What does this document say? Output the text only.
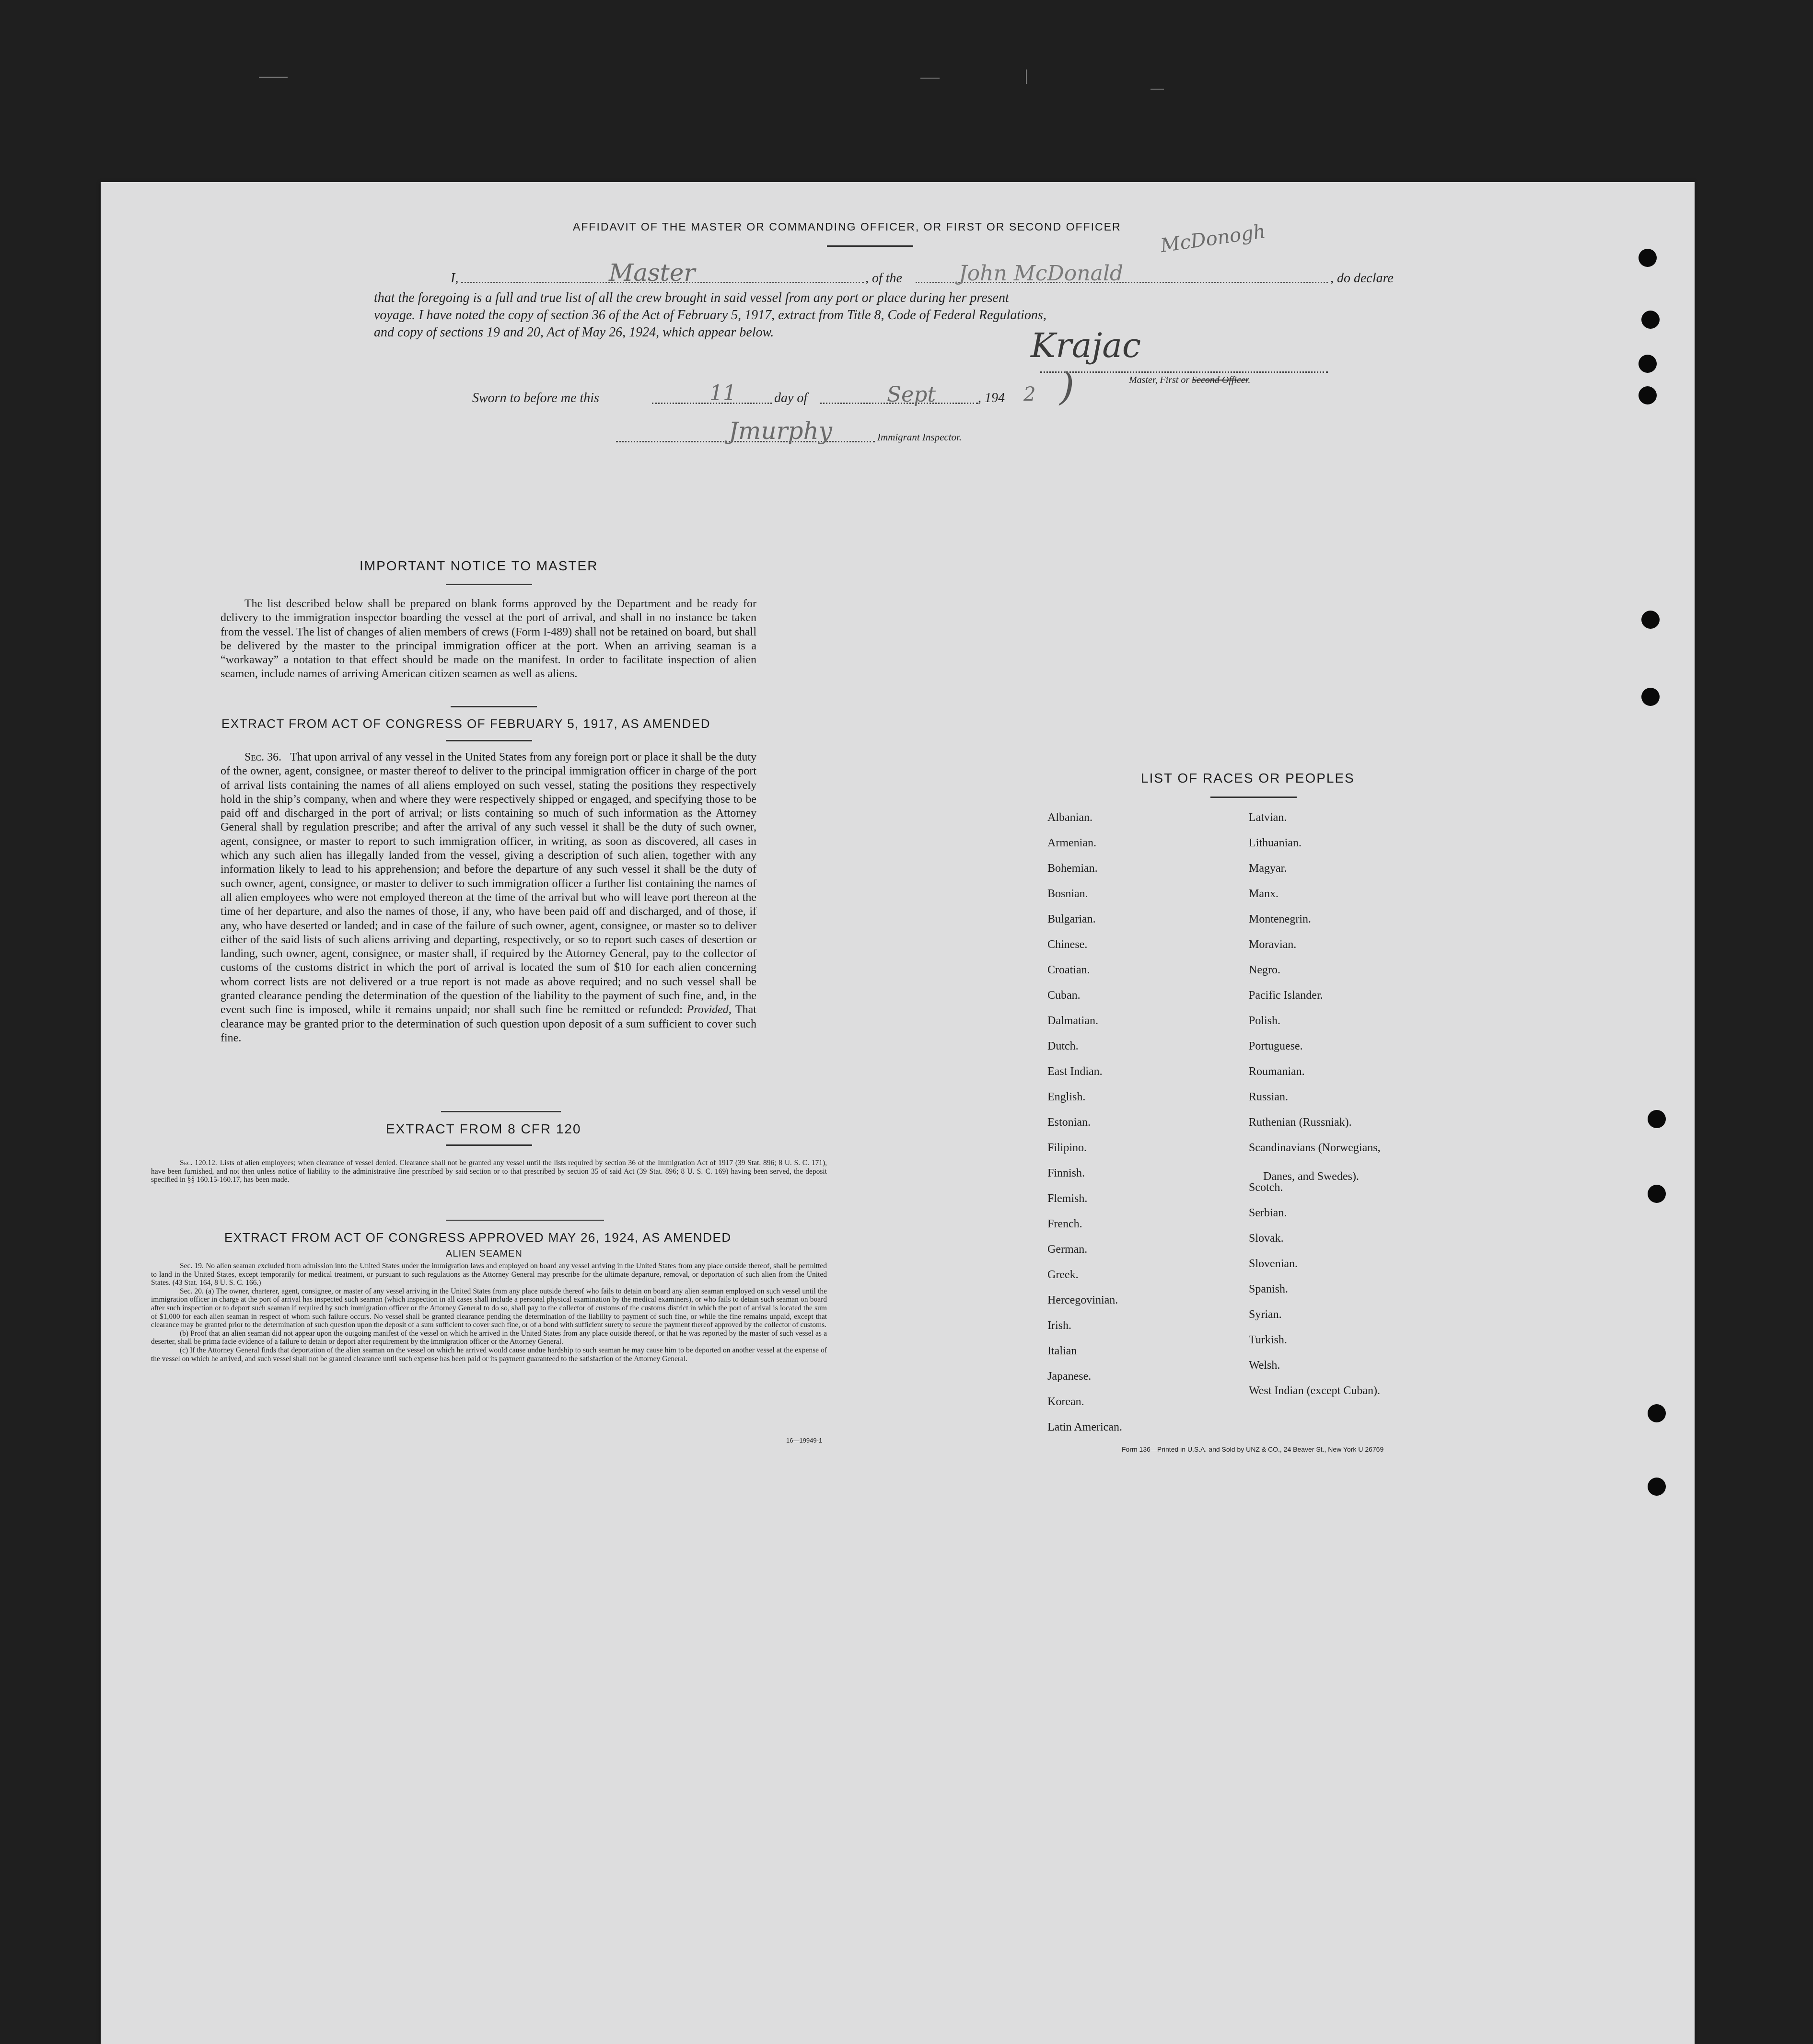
AFFIDAVIT OF THE MASTER OR COMMANDING OFFICER, OR FIRST OR SECOND OFFICER
I,	Master	, of the	John McDonald
McDonogh
, do declare
that the foregoing is a full and true list of all the crew brought in said vessel from any port or place during her present
voyage. I have noted the copy of section 36 of the Act of February 5, 1917, extract from Title 8, Code of Federal Regulations,
and copy of sections 19 and 20, Act of May 26, 1924, which appear below.	Krajac
Master, First or Second Officer.
Sworn to before me this	11	day of	Sept	, 194 2 )
Jmurphy	Immigrant Inspector.
IMPORTANT NOTICE TO MASTER
The list described below shall be prepared on blank forms approved by the Department and be ready for delivery to the immigration inspector boarding the vessel at the port of arrival, and shall in no instance be taken from the vessel. The list of changes of alien members of crews (Form I-489) shall not be retained on board, but shall be delivered by the master to the principal immigration officer at the port. When an arriving seaman is a “workaway” a notation to that effect should be made on the manifest. In order to facilitate inspection of alien seamen, include names of arriving American citizen seamen as well as aliens.
EXTRACT FROM ACT OF CONGRESS OF FEBRUARY 5, 1917, AS AMENDED
Sec. 36. That upon arrival of any vessel in the United States from any foreign port or place it shall be the duty of the owner, agent, consignee, or master thereof to deliver to the principal immigration officer in charge of the port of arrival lists containing the names of all aliens employed on such vessel, stating the positions they respectively hold in the ship’s company, when and where they were respectively shipped or engaged, and specifying those to be paid off and discharged in the port of arrival; or lists containing so much of such information as the Attorney General shall by regulation prescribe; and after the arrival of any such vessel it shall be the duty of such owner, agent, consignee, or master to report to such immigration officer, in writing, as soon as discovered, all cases in which any such alien has illegally landed from the vessel, giving a description of such alien, together with any information likely to lead to his apprehension; and before the departure of any such vessel it shall be the duty of such owner, agent, consignee, or master to deliver to such immigration officer a further list containing the names of all alien employees who were not employed thereon at the time of the arrival but who will leave port thereon at the time of her departure, and also the names of those, if any, who have been paid off and discharged, and of those, if any, who have deserted or landed; and in case of the failure of such owner, agent, consignee, or master so to deliver either of the said lists of such aliens arriving and departing, respectively, or so to report such cases of desertion or landing, such owner, agent, consignee, or master shall, if required by the Attorney General, pay to the collector of customs of the customs district in which the port of arrival is located the sum of $10 for each alien concerning whom correct lists are not delivered or a true report is not made as above required; and no such vessel shall be granted clearance pending the determination of the question of the liability to the payment of such fine, and, in the event such fine is imposed, while it remains unpaid; nor shall such fine be remitted or refunded: Provided, That clearance may be granted prior to the determination of such question upon deposit of a sum sufficient to cover such fine.
EXTRACT FROM 8 CFR 120
Sec. 120.12. Lists of alien employees; when clearance of vessel denied. Clearance shall not be granted any vessel until the lists required by section 36 of the Immigration Act of 1917 (39 Stat. 896; 8 U. S. C. 171), have been furnished, and not then unless notice of liability to the administrative fine prescribed by said section or to that prescribed by section 35 of said Act (39 Stat. 896; 8 U. S. C. 169) having been served, the deposit specified in §§ 160.15-160.17, has been made.
EXTRACT FROM ACT OF CONGRESS APPROVED MAY 26, 1924, AS AMENDED
ALIEN SEAMEN
Sec. 19. No alien seaman excluded from admission into the United States under the immigration laws and employed on board any vessel arriving in the United States from any place outside thereof, shall be permitted to land in the United States, except temporarily for medical treatment, or pursuant to such regulations as the Attorney General may prescribe for the ultimate departure, removal, or deportation of such alien from the United States. (43 Stat. 164, 8 U. S. C. 166.)
Sec. 20. (a) The owner, charterer, agent, consignee, or master of any vessel arriving in the United States from any place outside thereof who fails to detain on board any alien seaman employed on such vessel until the immigration officer in charge at the port of arrival has inspected such seaman (which inspection in all cases shall include a personal physical examination by the medical examiners), or who fails to detain such seaman on board after such inspection or to deport such seaman if required by such immigration officer or the Attorney General to do so, shall pay to the collector of customs of the customs district in which the port of arrival is located the sum of $1,000 for each alien seaman in respect of whom such failure occurs. No vessel shall be granted clearance pending the determination of the liability to payment of such fine, or while the fine remains unpaid, except that clearance may be granted prior to the determination of such question upon the deposit of a sum sufficient to cover such fine, or of a bond with sufficient surety to secure the payment thereof approved by the collector of customs.
(b) Proof that an alien seaman did not appear upon the outgoing manifest of the vessel on which he arrived in the United States from any place outside thereof, or that he was reported by the master of such vessel as a deserter, shall be prima facie evidence of a failure to detain or deport after requirement by the immigration officer or the Attorney General.
(c) If the Attorney General finds that deportation of the alien seaman on the vessel on which he arrived would cause undue hardship to such seaman he may cause him to be deported on another vessel at the expense of the vessel on which he arrived, and such vessel shall not be granted clearance until such expense has been paid or its payment guaranteed to the satisfaction of the Attorney General.
16—19949-1
LIST OF RACES OR PEOPLES
Form 136—Printed in U.S.A. and Sold by UNZ & CO., 24 Beaver St., New York U 26769
Albanian.
Armenian.
Bohemian.
Bosnian.
Bulgarian.
Chinese.
Croatian.
Cuban.
Dalmatian.
Dutch.
East Indian.
English.
Estonian.
Filipino.
Finnish.
Flemish.
French.
German.
Greek.
Hercegovinian.
Irish.
Italian
Japanese.
Korean.
Latin American.
Latvian.
Lithuanian.
Magyar.
Manx.
Montenegrin.
Moravian.
Negro.
Pacific Islander.
Polish.
Portuguese.
Roumanian.
Russian.
Ruthenian (Russniak).
Scandinavians (Norwegians,
Danes, and Swedes).
Scotch.
Serbian.
Slovak.
Slovenian.
Spanish.
Syrian.
Turkish.
Welsh.
West Indian (except Cuban).
